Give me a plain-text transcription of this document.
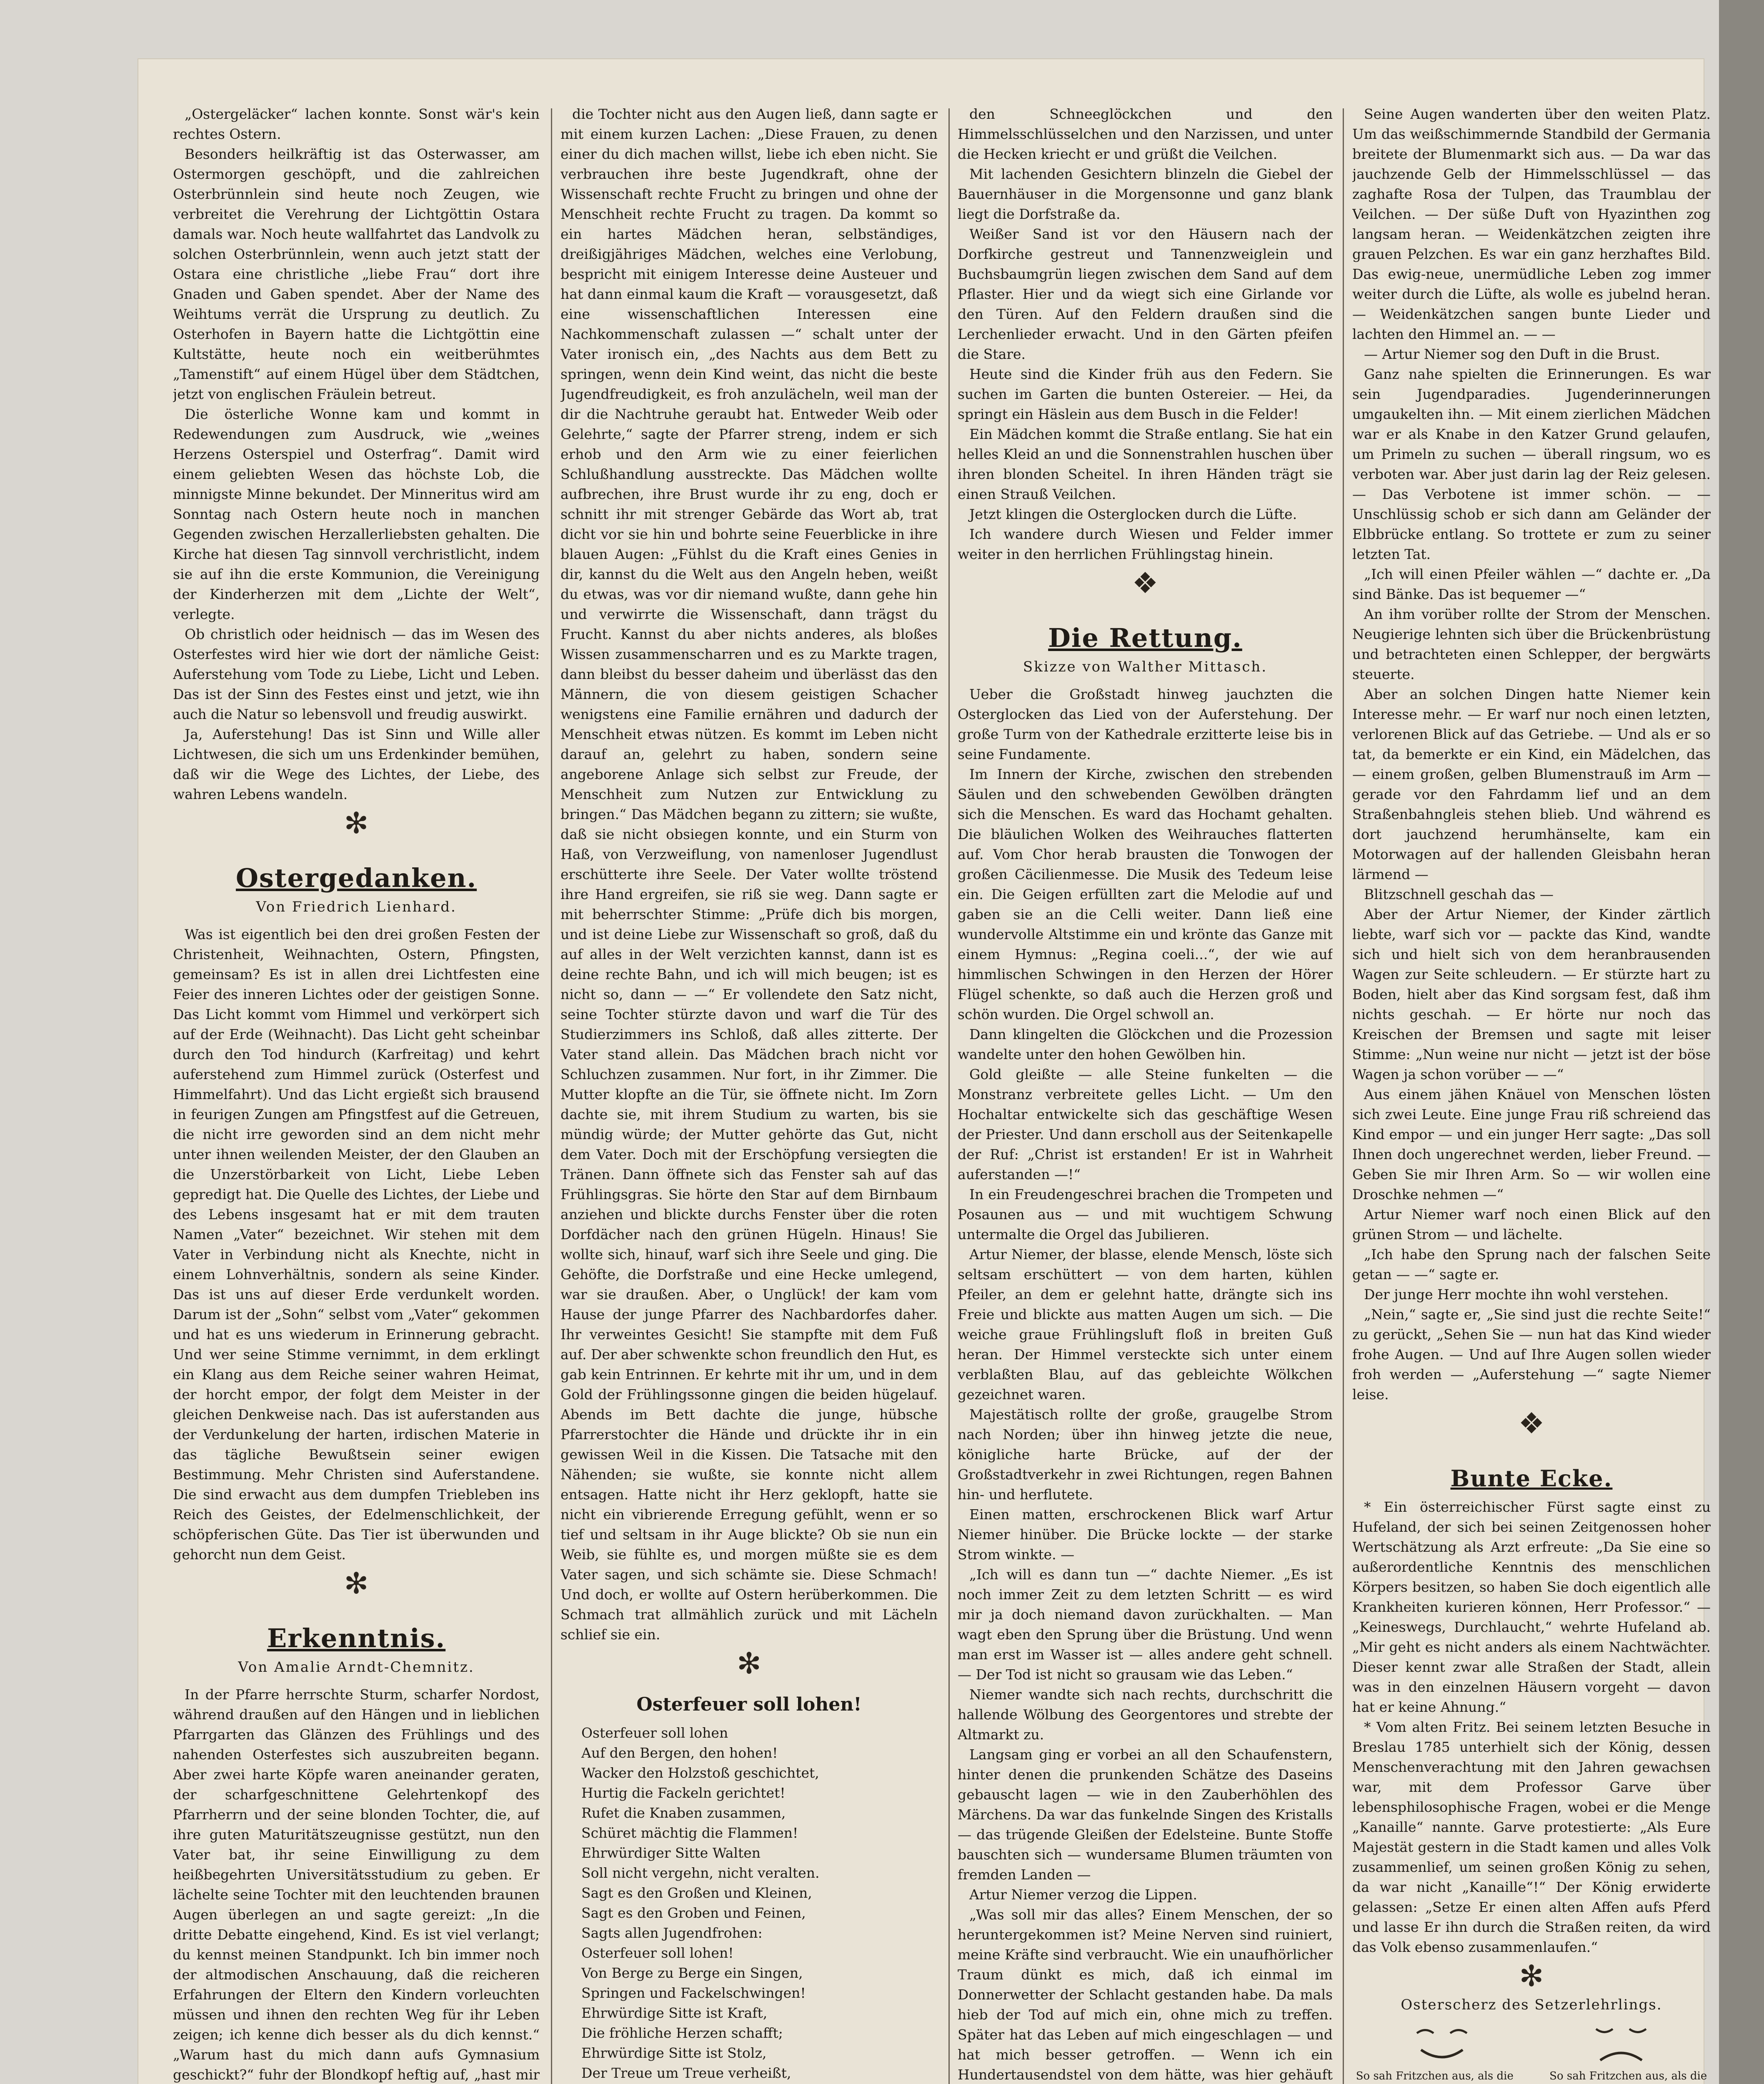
„Ostergeläcker“ lachen konnte. Sonst wär's kein rechtes Ostern.

Besonders heilkräftig ist das Osterwasser, am Ostermorgen geschöpft, und die zahlreichen Osterbrünnlein sind heute noch Zeugen, wie verbreitet die Verehrung der Lichtgöttin Ostara damals war. Noch heute wallfahrtet das Landvolk zu solchen Osterbrünnlein, wenn auch jetzt statt der Ostara eine christliche „liebe Frau“ dort ihre Gnaden und Gaben spendet. Aber der Name des Weihtums verrät die Ursprung zu deutlich. Zu Osterhofen in Bayern hatte die Lichtgöttin eine Kultstätte, heute noch ein weitberühmtes „Tamenstift“ auf einem Hügel über dem Städtchen, jetzt von englischen Fräulein betreut.

Die österliche Wonne kam und kommt in Redewendungen zum Ausdruck, wie „weines Herzens Osterspiel und Osterfrag“. Damit wird einem geliebten Wesen das höchste Lob, die minnigste Minne bekundet. Der Minneritus wird am Sonntag nach Ostern heute noch in manchen Gegenden zwischen Herzallerliebsten gehalten. Die Kirche hat diesen Tag sinnvoll verchristlicht, indem sie auf ihn die erste Kommunion, die Vereinigung der Kinderherzen mit dem „Lichte der Welt“, verlegte.

Ob christlich oder heidnisch — das im Wesen des Osterfestes wird hier wie dort der nämliche Geist: Auferstehung vom Tode zu Liebe, Licht und Leben. Das ist der Sinn des Festes einst und jetzt, wie ihn auch die Natur so lebensvoll und freudig auswirkt.

Ja, Auferstehung! Das ist Sinn und Wille aller Lichtwesen, die sich um uns Erdenkinder bemühen, daß wir die Wege des Lichtes, der Liebe, des wahren Lebens wandeln.

✻
Ostergedanken.
Von Friedrich Lienhard.

Was ist eigentlich bei den drei großen Festen der Christenheit, Weihnachten, Ostern, Pfingsten, gemeinsam? Es ist in allen drei Lichtfesten eine Feier des inneren Lichtes oder der geistigen Sonne. Das Licht kommt vom Himmel und verkörpert sich auf der Erde (Weihnacht). Das Licht geht scheinbar durch den Tod hindurch (Karfreitag) und kehrt auferstehend zum Himmel zurück (Osterfest und Himmelfahrt). Und das Licht ergießt sich brausend in feurigen Zungen am Pfingstfest auf die Getreuen, die nicht irre geworden sind an dem nicht mehr unter ihnen weilenden Meister, der den Glauben an die Unzerstörbarkeit von Licht, Liebe Leben gepredigt hat. Die Quelle des Lichtes, der Liebe und des Lebens insgesamt hat er mit dem trauten Namen „Vater“ bezeichnet. Wir stehen mit dem Vater in Verbindung nicht als Knechte, nicht in einem Lohnverhältnis, sondern als seine Kinder. Das ist uns auf dieser Erde verdunkelt worden. Darum ist der „Sohn“ selbst vom „Vater“ gekommen und hat es uns wiederum in Erinnerung gebracht. Und wer seine Stimme vernimmt, in dem erklingt ein Klang aus dem Reiche seiner wahren Heimat, der horcht empor, der folgt dem Meister in der gleichen Denkweise nach. Das ist auferstanden aus der Verdunkelung der harten, irdischen Materie in das tägliche Bewußtsein seiner ewigen Bestimmung. Mehr Christen sind Auferstandene. Die sind erwacht aus dem dumpfen Triebleben ins Reich des Geistes, der Edelmenschlichkeit, der schöpferischen Güte. Das Tier ist überwunden und gehorcht nun dem Geist.

✻
Erkenntnis.
Von Amalie Arndt-Chemnitz.

In der Pfarre herrschte Sturm, scharfer Nordost, während draußen auf den Hängen und in lieblichen Pfarrgarten das Glänzen des Frühlings und des nahenden Osterfestes sich auszubreiten begann. Aber zwei harte Köpfe waren aneinander geraten, der scharfgeschnittene Gelehrtenkopf des Pfarrherrn und der seine blonden Tochter, die, auf ihre guten Maturitätszeugnisse gestützt, nun den Vater bat, ihr seine Einwilligung zu dem heißbegehrten Universitätsstudium zu geben. Er lächelte seine Tochter mit den leuchtenden braunen Augen überlegen an und sagte gereizt: „In die dritte Debatte eingehend, Kind. Es ist viel verlangt; du kennst meinen Standpunkt. Ich bin immer noch der altmodischen Anschauung, daß die reicheren Erfahrungen der Eltern den Kindern vorleuchten müssen und ihnen den rechten Weg für ihr Leben zeigen; ich kenne dich besser als du dich kennst.“ „Warum hast du mich dann aufs Gymnasium geschickt?“ fuhr der Blondkopf heftig auf, „hast mir

die Tochter nicht aus den Augen ließ, dann sagte er mit einem kurzen Lachen: „Diese Frauen, zu denen einer du dich machen willst, liebe ich eben nicht. Sie verbrauchen ihre beste Jugendkraft, ohne der Wissenschaft rechte Frucht zu bringen und ohne der Menschheit rechte Frucht zu tragen. Da kommt so ein hartes Mädchen heran, selbständiges, dreißigjähriges Mädchen, welches eine Verlobung, bespricht mit einigem Interesse deine Austeuer und hat dann einmal kaum die Kraft — vorausgesetzt, daß eine wissenschaftlichen Interessen eine Nachkommenschaft zulassen —“ schalt unter der Vater ironisch ein, „des Nachts aus dem Bett zu springen, wenn dein Kind weint, das nicht die beste Jugendfreudigkeit, es froh anzulächeln, weil man der dir die Nachtruhe geraubt hat. Entweder Weib oder Gelehrte,“ sagte der Pfarrer streng, indem er sich erhob und den Arm wie zu einer feierlichen Schlußhandlung ausstreckte. Das Mädchen wollte aufbrechen, ihre Brust wurde ihr zu eng, doch er schnitt ihr mit strenger Gebärde das Wort ab, trat dicht vor sie hin und bohrte seine Feuerblicke in ihre blauen Augen: „Fühlst du die Kraft eines Genies in dir, kannst du die Welt aus den Angeln heben, weißt du etwas, was vor dir niemand wußte, dann gehe hin und verwirrte die Wissenschaft, dann trägst du Frucht. Kannst du aber nichts anderes, als bloßes Wissen zusammenscharren und es zu Markte tragen, dann bleibst du besser daheim und überlässt das den Männern, die von diesem geistigen Schacher wenigstens eine Familie ernähren und dadurch der Menschheit etwas nützen. Es kommt im Leben nicht darauf an, gelehrt zu haben, sondern seine angeborene Anlage sich selbst zur Freude, der Menschheit zum Nutzen zur Entwicklung zu bringen.“ Das Mädchen begann zu zittern; sie wußte, daß sie nicht obsiegen konnte, und ein Sturm von Haß, von Verzweiflung, von namenloser Jugendlust erschütterte ihre Seele. Der Vater wollte tröstend ihre Hand ergreifen, sie riß sie weg. Dann sagte er mit beherrschter Stimme: „Prüfe dich bis morgen, und ist deine Liebe zur Wissenschaft so groß, daß du auf alles in der Welt verzichten kannst, dann ist es deine rechte Bahn, und ich will mich beugen; ist es nicht so, dann — —“ Er vollendete den Satz nicht, seine Tochter stürzte davon und warf die Tür des Studierzimmers ins Schloß, daß alles zitterte. Der Vater stand allein. Das Mädchen brach nicht vor Schluchzen zusammen. Nur fort, in ihr Zimmer. Die Mutter klopfte an die Tür, sie öffnete nicht. Im Zorn dachte sie, mit ihrem Studium zu warten, bis sie mündig würde; der Mutter gehörte das Gut, nicht dem Vater. Doch mit der Erschöpfung versiegten die Tränen. Dann öffnete sich das Fenster sah auf das Frühlingsgras. Sie hörte den Star auf dem Birnbaum anziehen und blickte durchs Fenster über die roten Dorfdächer nach den grünen Hügeln. Hinaus! Sie wollte sich, hinauf, warf sich ihre Seele und ging. Die Gehöfte, die Dorfstraße und eine Hecke umlegend, war sie draußen. Aber, o Unglück! der kam vom Hause der junge Pfarrer des Nachbardorfes daher. Ihr verweintes Gesicht! Sie stampfte mit dem Fuß auf. Der aber schwenkte schon freundlich den Hut, es gab kein Entrinnen. Er kehrte mit ihr um, und in dem Gold der Frühlingssonne gingen die beiden hügelauf. Abends im Bett dachte die junge, hübsche Pfarrerstochter die Hände und drückte ihr in ein gewissen Weil in die Kissen. Die Tatsache mit den Nähenden; sie wußte, sie konnte nicht allem entsagen. Hatte nicht ihr Herz geklopft, hatte sie nicht ein vibrierende Erregung gefühlt, wenn er so tief und seltsam in ihr Auge blickte? Ob sie nun ein Weib, sie fühlte es, und morgen müßte sie es dem Vater sagen, und sich schämte sie. Diese Schmach! Und doch, er wollte auf Ostern herüberkommen. Die Schmach trat allmählich zurück und mit Lächeln schlief sie ein.

✻
Osterfeuer soll lohen!
Osterfeuer soll lohen
Auf den Bergen, den hohen!
Wacker den Holzstoß geschichtet,
Hurtig die Fackeln gerichtet!
Rufet die Knaben zusammen,
Schüret mächtig die Flammen!
Ehrwürdiger Sitte Walten
Soll nicht vergehn, nicht veralten.
Sagt es den Großen und Kleinen,
Sagt es den Groben und Feinen,
Sagts allen Jugendfrohen:
Osterfeuer soll lohen!
Von Berge zu Berge ein Singen,
Springen und Fackelschwingen!
Ehrwürdige Sitte ist Kraft,
Die fröhliche Herzen schafft;
Ehrwürdige Sitte ist Stolz,
Der Treue um Treue verheißt,

den Schneeglöckchen und den Himmelsschlüsselchen und den Narzissen, und unter die Hecken kriecht er und grüßt die Veilchen.

Mit lachenden Gesichtern blinzeln die Giebel der Bauernhäuser in die Morgensonne und ganz blank liegt die Dorfstraße da.

Weißer Sand ist vor den Häusern nach der Dorfkirche gestreut und Tannenzweiglein und Buchsbaumgrün liegen zwischen dem Sand auf dem Pflaster. Hier und da wiegt sich eine Girlande vor den Türen. Auf den Feldern draußen sind die Lerchenlieder erwacht. Und in den Gärten pfeifen die Stare.

Heute sind die Kinder früh aus den Federn. Sie suchen im Garten die bunten Ostereier. — Hei, da springt ein Häslein aus dem Busch in die Felder!

Ein Mädchen kommt die Straße entlang. Sie hat ein helles Kleid an und die Sonnenstrahlen huschen über ihren blonden Scheitel. In ihren Händen trägt sie einen Strauß Veilchen.

Jetzt klingen die Osterglocken durch die Lüfte.

Ich wandere durch Wiesen und Felder immer weiter in den herrlichen Frühlingstag hinein.

❖
Die Rettung.
Skizze von Walther Mittasch.

Ueber die Großstadt hinweg jauchzten die Osterglocken das Lied von der Auferstehung. Der große Turm von der Kathedrale erzitterte leise bis in seine Fundamente.

Im Innern der Kirche, zwischen den strebenden Säulen und den schwebenden Gewölben drängten sich die Menschen. Es ward das Hochamt gehalten. Die bläulichen Wolken des Weihrauches flatterten auf. Vom Chor herab brausten die Tonwogen der großen Cäcilienmesse. Die Musik des Tedeum leise ein. Die Geigen erfüllten zart die Melodie auf und gaben sie an die Celli weiter. Dann ließ eine wundervolle Altstimme ein und krönte das Ganze mit einem Hymnus: „Regina coeli...“, der wie auf himmlischen Schwingen in den Herzen der Hörer Flügel schenkte, so daß auch die Herzen groß und schön wurden. Die Orgel schwoll an.

Dann klingelten die Glöckchen und die Prozession wandelte unter den hohen Gewölben hin.

Gold gleißte — alle Steine funkelten — die Monstranz verbreitete gelles Licht. — Um den Hochaltar entwickelte sich das geschäftige Wesen der Priester. Und dann erscholl aus der Seitenkapelle der Ruf: „Christ ist erstanden! Er ist in Wahrheit auferstanden —!“

In ein Freudengeschrei brachen die Trompeten und Posaunen aus — und mit wuchtigem Schwung untermalte die Orgel das Jubilieren.

Artur Niemer, der blasse, elende Mensch, löste sich seltsam erschüttert — von dem harten, kühlen Pfeiler, an dem er gelehnt hatte, drängte sich ins Freie und blickte aus matten Augen um sich. — Die weiche graue Frühlingsluft floß in breiten Guß heran. Der Himmel versteckte sich unter einem verblaßten Blau, auf das gebleichte Wölkchen gezeichnet waren.

Majestätisch rollte der große, graugelbe Strom nach Norden; über ihn hinweg jetzte die neue, königliche harte Brücke, auf der der Großstadtverkehr in zwei Richtungen, regen Bahnen hin- und herflutete.

Einen matten, erschrockenen Blick warf Artur Niemer hinüber. Die Brücke lockte — der starke Strom winkte. —

„Ich will es dann tun —“ dachte Niemer. „Es ist noch immer Zeit zu dem letzten Schritt — es wird mir ja doch niemand davon zurückhalten. — Man wagt eben den Sprung über die Brüstung. Und wenn man erst im Wasser ist — alles andere geht schnell. — Der Tod ist nicht so grausam wie das Leben.“

Niemer wandte sich nach rechts, durchschritt die hallende Wölbung des Georgentores und strebte der Altmarkt zu.

Langsam ging er vorbei an all den Schaufenstern, hinter denen die prunkenden Schätze des Daseins gebauscht lagen — wie in den Zauberhöhlen des Märchens. Da war das funkelnde Singen des Kristalls — das trügende Gleißen der Edelsteine. Bunte Stoffe bauschten sich — wundersame Blumen träumten von fremden Landen —

Artur Niemer verzog die Lippen.

„Was soll mir das alles? Einem Menschen, der so heruntergekommen ist? Meine Nerven sind ruiniert, meine Kräfte sind verbraucht. Wie ein unaufhörlicher Traum dünkt es mich, daß ich einmal im Donnerwetter der Schlacht gestanden habe. Da mals hieb der Tod auf mich ein, ohne mich zu treffen. Später hat das Leben auf mich eingeschlagen — und hat mich besser getroffen. — Wenn ich ein Hundertausendstel von dem hätte, was hier gehäuft

Seine Augen wanderten über den weiten Platz. Um das weißschimmernde Standbild der Germania breitete der Blumenmarkt sich aus. — Da war das jauchzende Gelb der Himmelsschlüssel — das zaghafte Rosa der Tulpen, das Traumblau der Veilchen. — Der süße Duft von Hyazinthen zog langsam heran. — Weidenkätzchen zeigten ihre grauen Pelzchen. Es war ein ganz herzhaftes Bild. Das ewig-neue, unermüdliche Leben zog immer weiter durch die Lüfte, als wolle es jubelnd heran. — Weidenkätzchen sangen bunte Lieder und lachten den Himmel an. — —

— Artur Niemer sog den Duft in die Brust.

Ganz nahe spielten die Erinnerungen. Es war sein Jugendparadies. Jugenderinnerungen umgaukelten ihn. — Mit einem zierlichen Mädchen war er als Knabe in den Katzer Grund gelaufen, um Primeln zu suchen — überall ringsum, wo es verboten war. Aber just darin lag der Reiz gelesen. — Das Verbotene ist immer schön. — — Unschlüssig schob er sich dann am Geländer der Elbbrücke entlang. So trottete er zum zu seiner letzten Tat.

„Ich will einen Pfeiler wählen —“ dachte er. „Da sind Bänke. Das ist bequemer —“

An ihm vorüber rollte der Strom der Menschen. Neugierige lehnten sich über die Brückenbrüstung und betrachteten einen Schlepper, der bergwärts steuerte.

Aber an solchen Dingen hatte Niemer kein Interesse mehr. — Er warf nur noch einen letzten, verlorenen Blick auf das Getriebe. — Und als er so tat, da bemerkte er ein Kind, ein Mädelchen, das — einem großen, gelben Blumenstrauß im Arm — gerade vor den Fahrdamm lief und an dem Straßenbahngleis stehen blieb. Und während es dort jauchzend herumhänselte, kam ein Motorwagen auf der hallenden Gleisbahn heran lärmend —

Blitzschnell geschah das —

Aber der Artur Niemer, der Kinder zärtlich liebte, warf sich vor — packte das Kind, wandte sich und hielt sich von dem heranbrausenden Wagen zur Seite schleudern. — Er stürzte hart zu Boden, hielt aber das Kind sorgsam fest, daß ihm nichts geschah. — Er hörte nur noch das Kreischen der Bremsen und sagte mit leiser Stimme: „Nun weine nur nicht — jetzt ist der böse Wagen ja schon vorüber — —“

Aus einem jähen Knäuel von Menschen lösten sich zwei Leute. Eine junge Frau riß schreiend das Kind empor — und ein junger Herr sagte: „Das soll Ihnen doch ungerechnet werden, lieber Freund. — Geben Sie mir Ihren Arm. So — wir wollen eine Droschke nehmen —“

Artur Niemer warf noch einen Blick auf den grünen Strom — und lächelte.

„Ich habe den Sprung nach der falschen Seite getan — —“ sagte er.

Der junge Herr mochte ihn wohl verstehen.

„Nein,“ sagte er, „Sie sind just die rechte Seite!“ zu gerückt, „Sehen Sie — nun hat das Kind wieder frohe Augen. — Und auf Ihre Augen sollen wieder froh werden — „Auferstehung —“ sagte Niemer leise.

❖
Bunte Ecke.

* Ein österreichischer Fürst sagte einst zu Hufeland, der sich bei seinen Zeitgenossen hoher Wertschätzung als Arzt erfreute: „Da Sie eine so außerordentliche Kenntnis des menschlichen Körpers besitzen, so haben Sie doch eigentlich alle Krankheiten kurieren können, Herr Professor.“ — „Keineswegs, Durchlaucht,“ wehrte Hufeland ab. „Mir geht es nicht anders als einem Nachtwächter. Dieser kennt zwar alle Straßen der Stadt, allein was in den einzelnen Häusern vorgeht — davon hat er keine Ahnung.“

* Vom alten Fritz. Bei seinem letzten Besuche in Breslau 1785 unterhielt sich der König, dessen Menschenverachtung mit den Jahren gewachsen war, mit dem Professor Garve über lebensphilosophische Fragen, wobei er die Menge „Kanaille“ nannte. Garve protestierte: „Als Eure Majestät gestern in die Stadt kamen und alles Volk zusammenlief, um seinen großen König zu sehen, da war nicht „Kanaille“!“ Der König erwiderte gelassen: „Setze Er einen alten Affen aufs Pferd und lasse Er ihn durch die Straßen reiten, da wird das Volk ebenso zusammenlaufen.“

✻
Osterscherz des Setzerlehrlings.
So sah Fritzchen aus, als die	So sah Fritzchen aus, als die
